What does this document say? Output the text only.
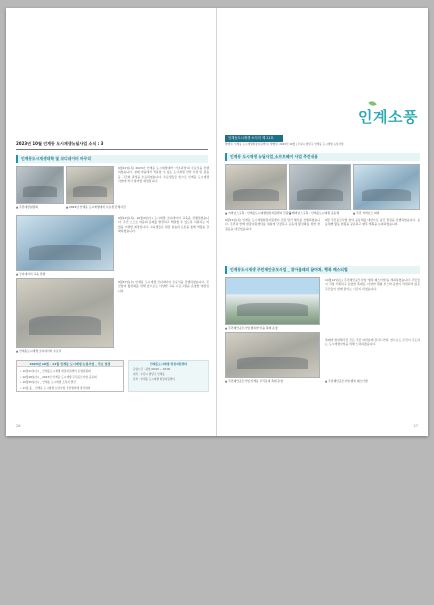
2023년 10월 인계동 도시재생뉴딜사업 소식 : 3
인계동도시재생대학 및 코디네이터 마무리
▲ 주민대상설명회	▲ 2023년 인계동 도시재생대학 수료생 단체사진
9월21일(목) 2023년 인계동 도시재생대학 '기초과정'의 수료식을 진행하였습니다. 실제 마을에서 적용할 수 있는 도시재생 전략 수립 및 실습 등 그간의 과정을 수료하였습니다. 수료생들은 앞으로 인계동 도시재생사업에 적극 참여할 예정입니다.
▲ 코디네이터 교육 진행
9월21일(목), 10월4일(수) 도시재생 코디네이터 교육을 진행하였습니다. 주민 스스로 마을의 문제를 발견하고 해결할 수 있도록 지원하는 역할을 수행할 예정입니다. 교육생들은 현장 실습과 토론을 통해 역량을 강화하였습니다.
▲ 인계동도시재생 코디네이터 수료식
9월27일(수) 인계동 도시재생 코디네이터 수료식을 진행하였습니다. 주민참여 활성화를 위해 앞으로도 다양한 교육 프로그램을 운영할 예정입니다.
2023년 10월 · 11월 인계동 도시재생 뉴딜사업 _ 주요 일정
• 10월11일(수) _ 인계동도시재생 현장지원센터 운영위원회
• 10월18일(수) _ 2023년 인계동 도시재생 주민공모사업 공유회
• 10월25일(수) _ 인계동 도시재생 소식지 발간
• 11월 중 _ 인계동 도시재생 뉴딜사업 주민협의체 정기회의
인계동도시재생 현장지원센터
운영시간 : 평일 09:00 ~ 18:00
위치 : 수원시 팔달구 인계동
문의 : 인계동 도시재생 현장지원센터
26
인계소풍
인계동도시재생 소식지 제 11호
발행처: 인계동 도시재생현장지원센터 | 발행일: 2023년 10월 | 수원시 팔달구 인계동 도시재생 뉴딜사업
인계동 도시재생 뉴딜사업_소프트웨어 사업 추진내용
▲ 거버넌스구축 - 인계동도시재생현장지원센터 간판달기
▲ 거버넌스구축 - 인계동도시재생 공동체	▲ 주민 거버넌스 회의
9월21일(목) 인계동 도시재생현장지원센터 간판 달기 행사를 진행하였습니다. 주민과 함께 현장지원센터를 새롭게 단장하고 공동체 활성화를 위한 첫걸음을 내딛었습니다.
9월 주민공모사업 참여 공동체를 대상으로 중간 점검을 진행하였습니다. 공동체별 활동 현황을 공유하고 향후 계획을 논의하였습니다.
인계동도시재생 주민제안공모사업 _ 찾아올래의 끝마쳐, 행복 페스티벌
▲ 주민제안공모사업 행복한 마을 축제 운영
▲ 주민제안공모사업 인계동 우리동네 축제 운영
10월14일(토) 주민제안공모사업 '행복 페스티벌'을 개최하였습니다. 주민들이 직접 기획하고 운영한 축제로, 다양한 체험 부스와 공연이 마련되어 많은 주민들이 함께 즐기는 시간이 되었습니다.
축제에 참여해주신 모든 주민 여러분께 감사드리며, 앞으로도 주민이 주도하는 도시재생사업을 위해 노력하겠습니다.
▲ 주민제안공모사업 행복 페스티벌
27
